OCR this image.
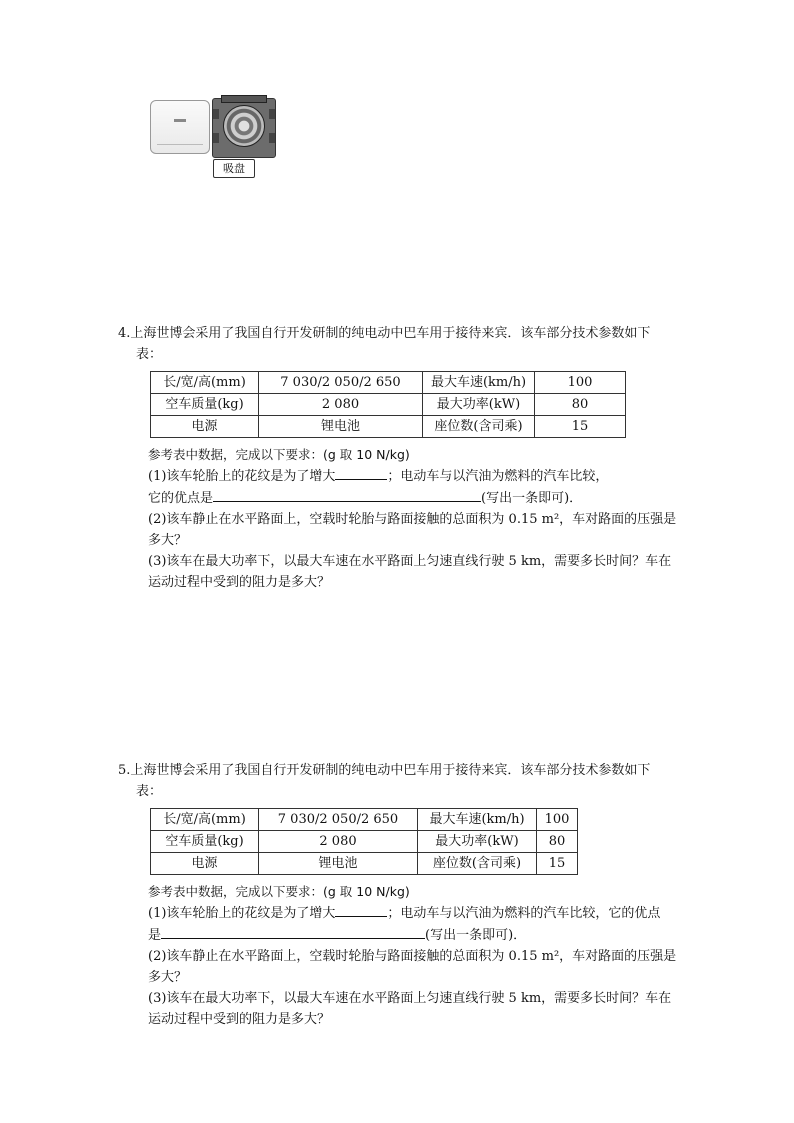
吸盘

4.上海世博会采用了我国自行开发研制的纯电动中巴车用于接待来宾．该车部分技术参数如下

表：

长/宽/高(mm)	7 030/2 050/2 650	最大车速(km/h)	100
空车质量(kg)	2 080	最大功率(kW)	80
电源	锂电池	座位数(含司乘)	15

参考表中数据，完成以下要求：(g 取 10 N/kg)

(1)该车轮胎上的花纹是为了增大	；电动车与以汽油为燃料的汽车比较，

它的优点是	(写出一条即可)．

(2)该车静止在水平路面上，空载时轮胎与路面接触的总面积为 0.15 m²，车对路面的压强是

多大？

(3)该车在最大功率下，以最大车速在水平路面上匀速直线行驶 5 km，需要多长时间？车在

运动过程中受到的阻力是多大？

5.上海世博会采用了我国自行开发研制的纯电动中巴车用于接待来宾．该车部分技术参数如下

表：

长/宽/高(mm)	7 030/2 050/2 650	最大车速(km/h)	100
空车质量(kg)	2 080	最大功率(kW)	80
电源	锂电池	座位数(含司乘)	15

参考表中数据，完成以下要求：(g 取 10 N/kg)

(1)该车轮胎上的花纹是为了增大	；电动车与以汽油为燃料的汽车比较，它的优点

是	(写出一条即可)．

(2)该车静止在水平路面上，空载时轮胎与路面接触的总面积为 0.15 m²，车对路面的压强是

多大？

(3)该车在最大功率下，以最大车速在水平路面上匀速直线行驶 5 km，需要多长时间？车在

运动过程中受到的阻力是多大？
